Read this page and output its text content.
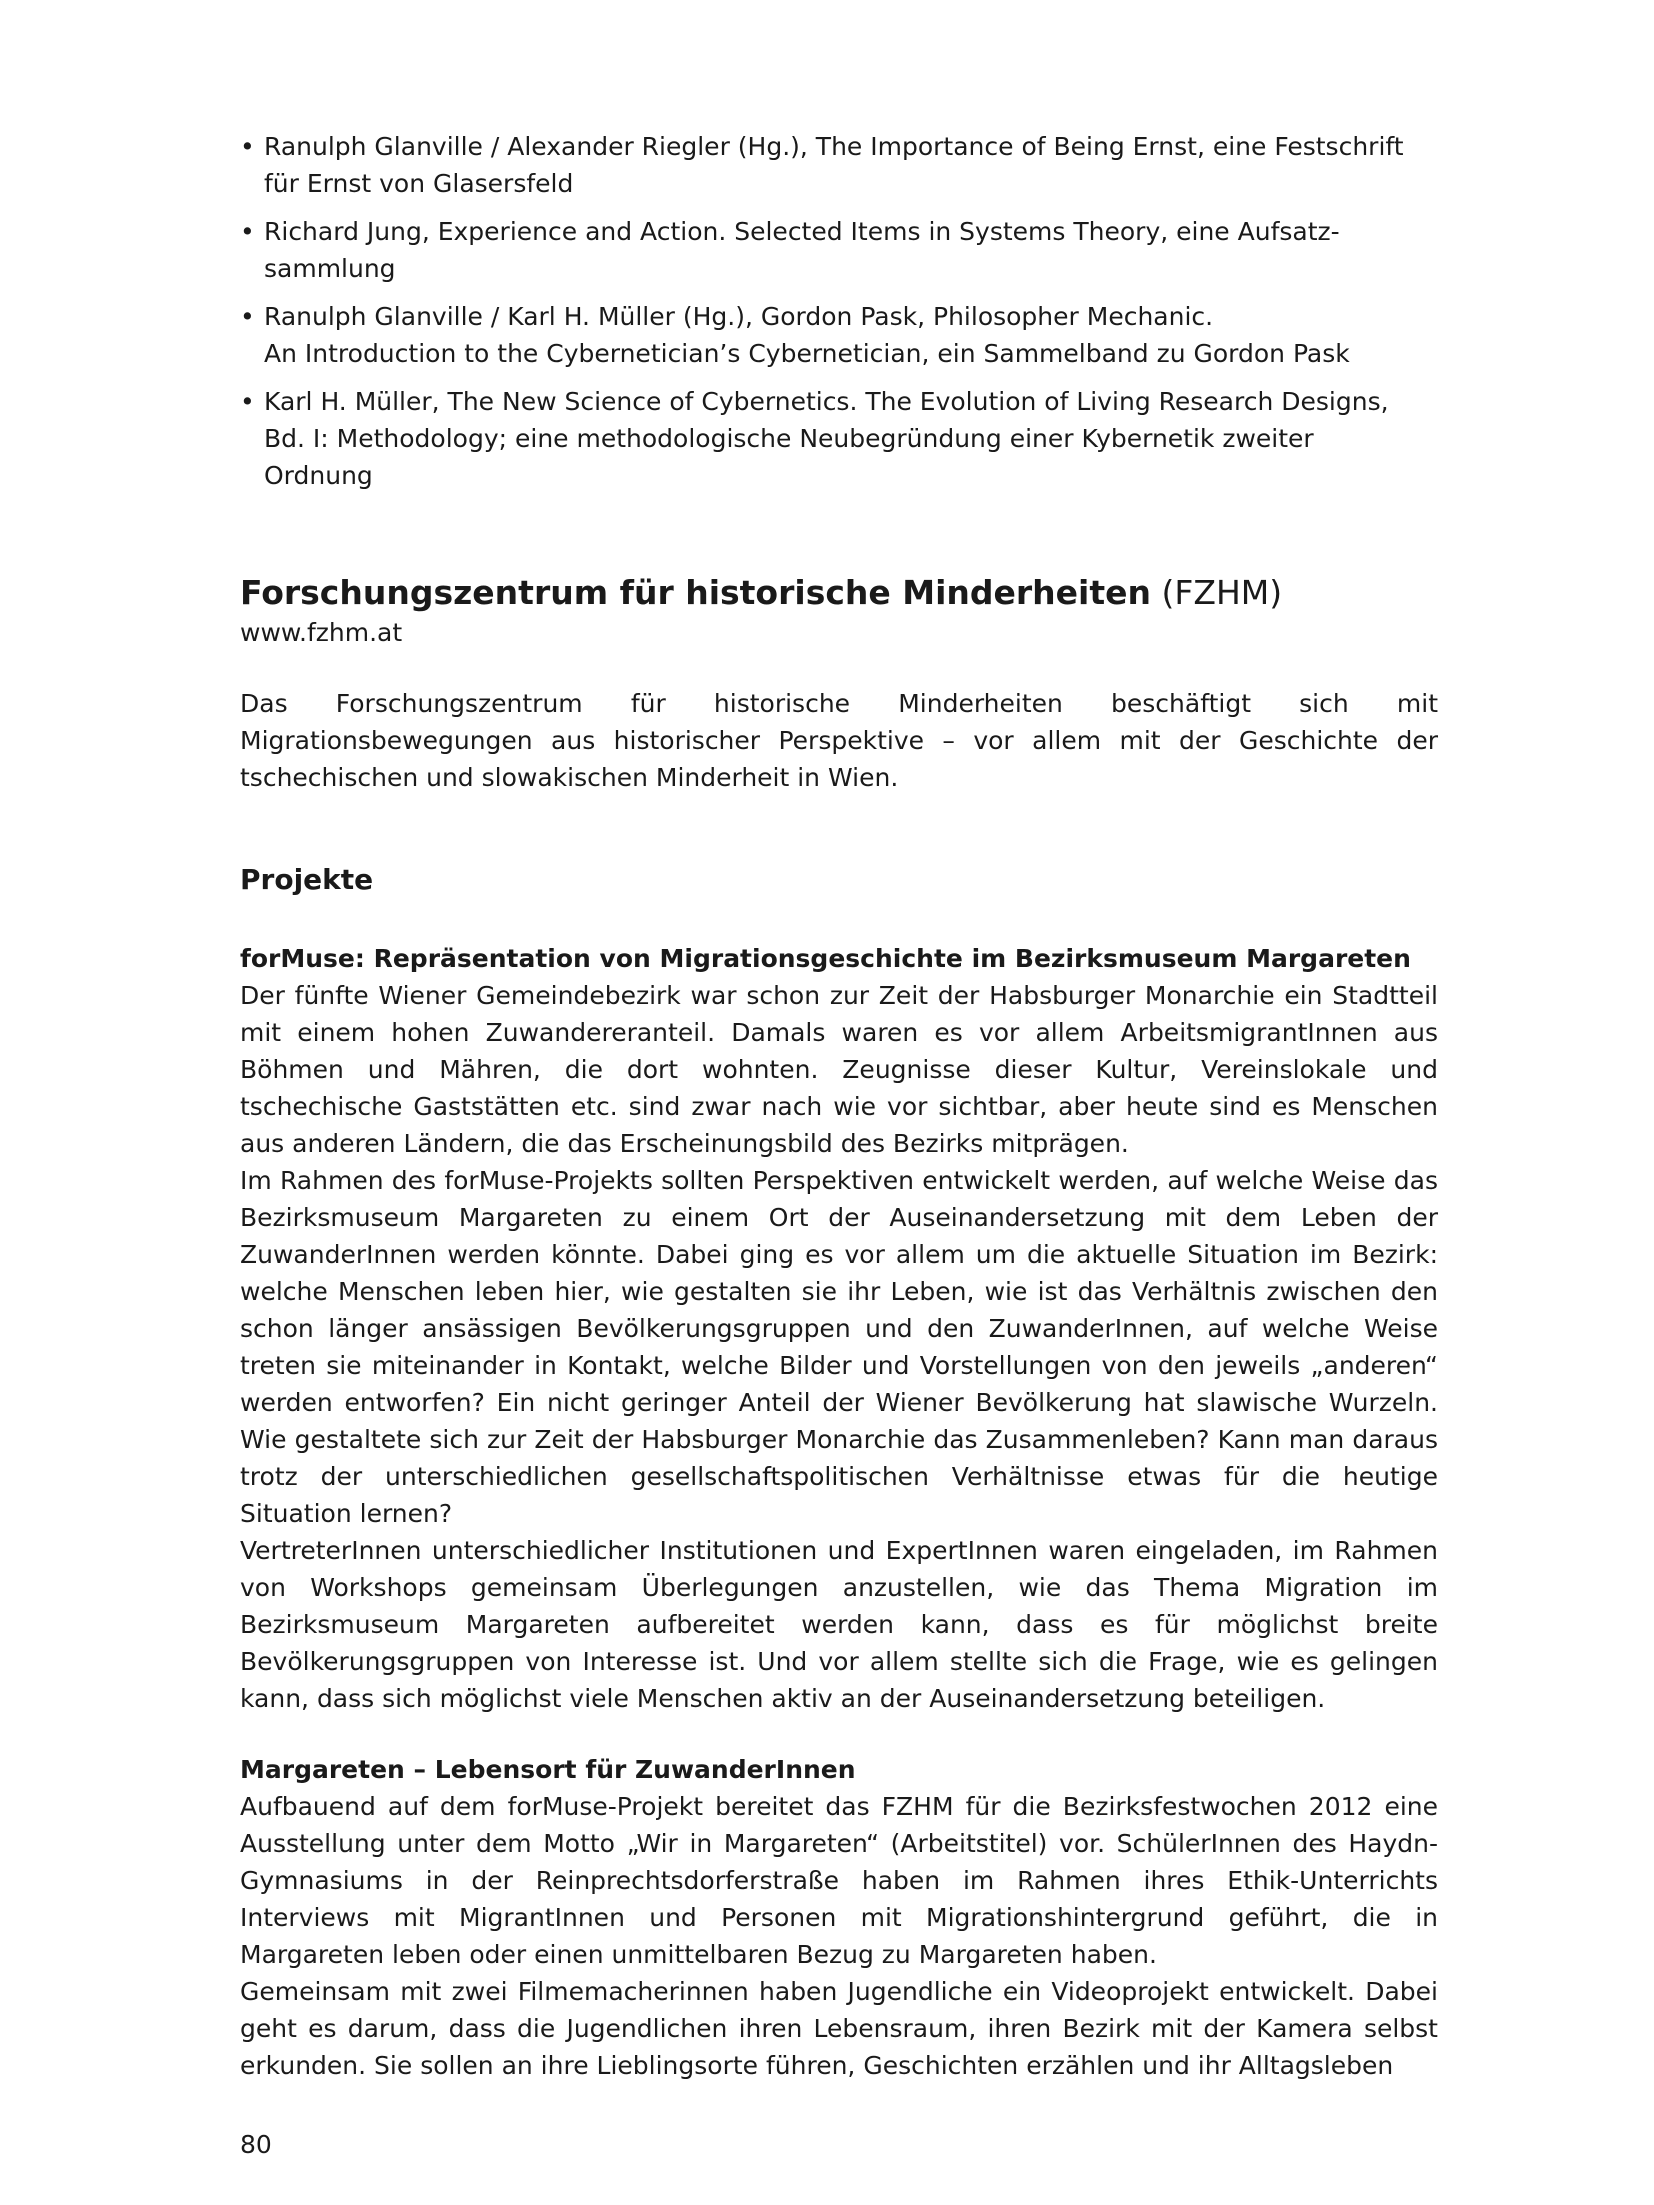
• Ranulph Glanville / Alexander Riegler (Hg.), The Importance of Being Ernst, eine Festschrift
für Ernst von Glasersfeld
• Richard Jung, Experience and Action. Selected Items in Systems Theory, eine Aufsatz-
sammlung
• Ranulph Glanville / Karl H. Müller (Hg.), Gordon Pask, Philosopher Mechanic.
An Introduction to the Cybernetician’s Cybernetician, ein Sammelband zu Gordon Pask
• Karl H. Müller, The New Science of Cybernetics. The Evolution of Living Research Designs,
Bd. I: Methodology; eine methodologische Neubegründung einer Kybernetik zweiter
Ordnung
Forschungszentrum für historische Minderheiten (FZHM)
www.fzhm.at

Das Forschungszentrum für historische Minderheiten beschäftigt sich mit Migrationsbewegungen aus historischer Perspektive – vor allem mit der Geschichte der tschechischen und slowakischen Minderheit in Wien.

Projekte
forMuse: Repräsentation von Migrationsgeschichte im Bezirksmuseum Margareten

Der fünfte Wiener Gemeindebezirk war schon zur Zeit der Habsburger Monarchie ein Stadtteil mit einem hohen Zuwandereranteil. Damals waren es vor allem ArbeitsmigrantInnen aus Böhmen und Mähren, die dort wohnten. Zeugnisse dieser Kultur, Vereinslokale und tschechische Gaststätten etc. sind zwar nach wie vor sichtbar, aber heute sind es Menschen aus anderen Ländern, die das Erscheinungsbild des Bezirks mitprägen.

Im Rahmen des forMuse-Projekts sollten Perspektiven entwickelt werden, auf welche Weise das Bezirksmuseum Margareten zu einem Ort der Auseinandersetzung mit dem Leben der ZuwanderInnen werden könnte. Dabei ging es vor allem um die aktuelle Situation im Bezirk: welche Menschen leben hier, wie gestalten sie ihr Leben, wie ist das Verhältnis zwischen den schon länger ansässigen Bevölkerungsgruppen und den ZuwanderInnen, auf welche Weise treten sie miteinander in Kontakt, welche Bilder und Vorstellungen von den jeweils „anderen“ werden entworfen? Ein nicht geringer Anteil der Wiener Bevölkerung hat slawische Wurzeln. Wie gestaltete sich zur Zeit der Habsburger Monarchie das Zusammenleben? Kann man daraus trotz der unterschiedlichen gesellschaftspolitischen Verhältnisse etwas für die heutige Situation lernen?

VertreterInnen unterschiedlicher Institutionen und ExpertInnen waren eingeladen, im Rahmen von Workshops gemeinsam Überlegungen anzustellen, wie das Thema Migration im Bezirksmuseum Margareten aufbereitet werden kann, dass es für möglichst breite Bevölkerungsgruppen von Interesse ist. Und vor allem stellte sich die Frage, wie es gelingen kann, dass sich möglichst viele Menschen aktiv an der Auseinandersetzung beteiligen.

Margareten – Lebensort für ZuwanderInnen

Aufbauend auf dem forMuse-Projekt bereitet das FZHM für die Bezirksfestwochen 2012 eine Ausstellung unter dem Motto „Wir in Margareten“ (Arbeitstitel) vor. SchülerInnen des Haydn-Gymnasiums in der Reinprechtsdorferstraße haben im Rahmen ihres Ethik-Unterrichts Interviews mit MigrantInnen und Personen mit Migrationshintergrund geführt, die in Margareten leben oder einen unmittelbaren Bezug zu Margareten haben.

Gemeinsam mit zwei Filmemacherinnen haben Jugendliche ein Videoprojekt entwickelt. Dabei geht es darum, dass die Jugendlichen ihren Lebensraum, ihren Bezirk mit der Kamera selbst erkunden. Sie sollen an ihre Lieblingsorte führen, Geschichten erzählen und ihr Alltagsleben

80
